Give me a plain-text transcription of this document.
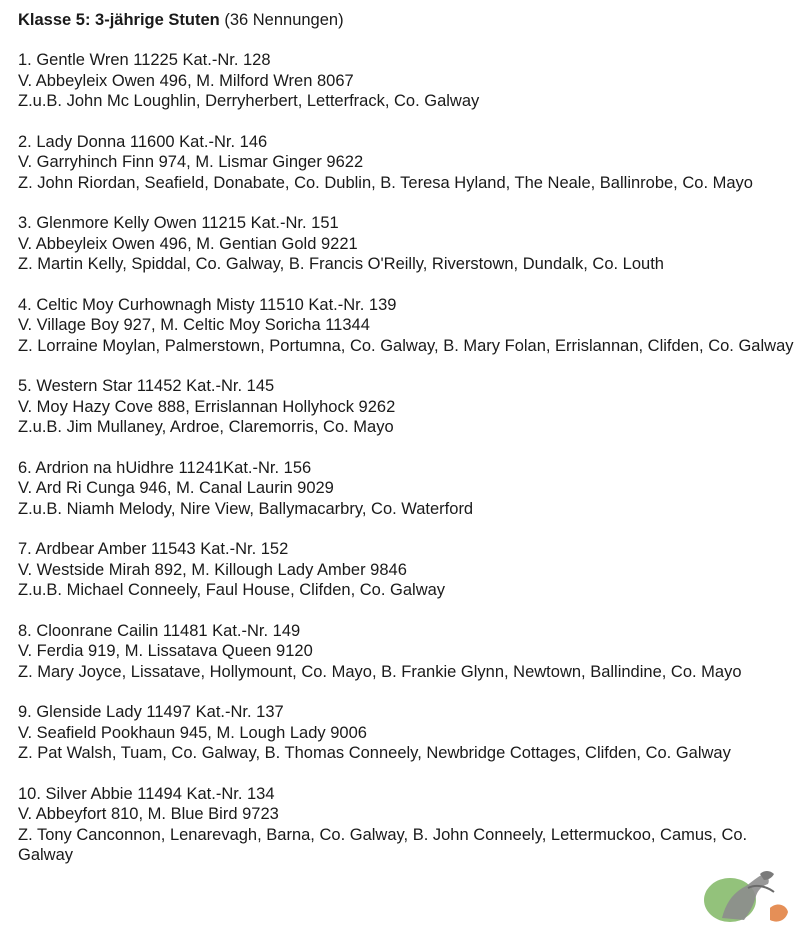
Klasse 5: 3-jährige Stuten (36 Nennungen)
1. Gentle Wren 11225 Kat.-Nr. 128
V. Abbeyleix Owen 496, M. Milford Wren 8067
Z.u.B. John Mc Loughlin, Derryherbert, Letterfrack, Co. Galway
2. Lady Donna 11600 Kat.-Nr. 146
V. Garryhinch Finn 974, M. Lismar Ginger 9622
Z. John Riordan, Seafield, Donabate, Co. Dublin, B. Teresa Hyland, The Neale, Ballinrobe, Co. Mayo
3. Glenmore Kelly Owen 11215 Kat.-Nr. 151
V. Abbeyleix Owen 496, M. Gentian Gold 9221
Z. Martin Kelly, Spiddal, Co. Galway, B. Francis O'Reilly, Riverstown, Dundalk, Co. Louth
4. Celtic Moy Curhownagh Misty 11510 Kat.-Nr. 139
V. Village Boy 927, M. Celtic Moy Soricha 11344
Z. Lorraine Moylan, Palmerstown, Portumna, Co. Galway, B. Mary Folan, Errislannan, Clifden, Co. Galway
5. Western Star 11452 Kat.-Nr. 145
V. Moy Hazy Cove 888, Errislannan Hollyhock 9262
Z.u.B. Jim Mullaney, Ardroe, Claremorris, Co. Mayo
6. Ardrion na hUidhre 11241Kat.-Nr. 156
V. Ard Ri Cunga 946, M. Canal Laurin 9029
Z.u.B. Niamh Melody, Nire View, Ballymacarbry, Co. Waterford
7. Ardbear Amber 11543 Kat.-Nr. 152
V. Westside Mirah 892, M. Killough Lady Amber 9846
Z.u.B. Michael Conneely, Faul House, Clifden, Co. Galway
8. Cloonrane Cailin 11481 Kat.-Nr. 149
V. Ferdia 919, M. Lissatava Queen 9120
Z. Mary Joyce, Lissatave, Hollymount, Co. Mayo, B. Frankie Glynn, Newtown, Ballindine, Co. Mayo
9. Glenside Lady 11497 Kat.-Nr. 137
V. Seafield Pookhaun 945, M. Lough Lady 9006
Z. Pat Walsh, Tuam, Co. Galway, B. Thomas Conneely, Newbridge Cottages, Clifden, Co. Galway
10. Silver Abbie 11494 Kat.-Nr. 134
V. Abbeyfort 810, M. Blue Bird 9723
Z. Tony Canconnon, Lenarevagh, Barna, Co. Galway, B. John Conneely, Lettermuckoo, Camus, Co. Galway
